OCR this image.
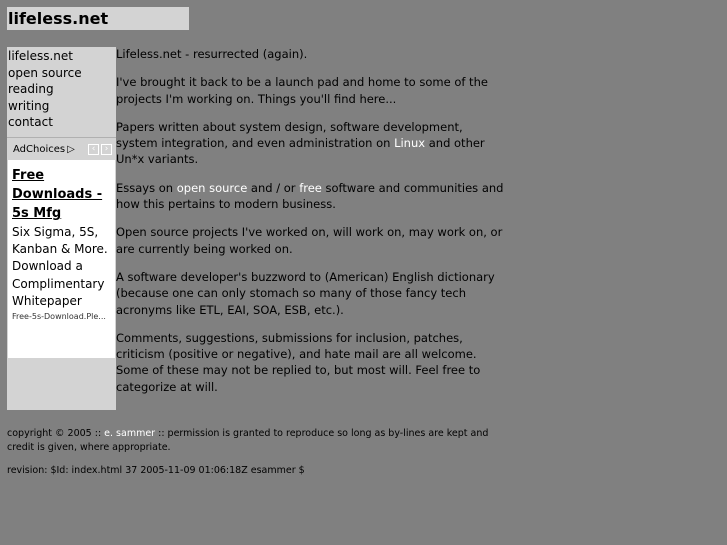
lifeless.net
lifeless.net
open source
reading
writing
contact
AdChoices ▷	‹	›
Free Downloads - 5s Mfg
Six Sigma, 5S, Kanban & More. Download a Complimentary Whitepaper
Free-5s-Download.Ple...

Lifeless.net - resurrected (again).

I've brought it back to be a launch pad and home to some of the projects I'm working on. Things you'll find here...

Papers written about system design, software development, system integration, and even administration on Linux and other Un*x variants.

Essays on open source and / or free software and communities and how this pertains to modern business.

Open source projects I've worked on, will work on, may work on, or are currently being worked on.

A software developer's buzzword to (American) English dictionary (because one can only stomach so many of those fancy tech acronyms like ETL, EAI, SOA, ESB, etc.).

Comments, suggestions, submissions for inclusion, patches, criticism (positive or negative), and hate mail are all welcome. Some of these may not be replied to, but most will. Feel free to categorize at will.

copyright © 2005 :: e. sammer :: permission is granted to reproduce so long as by-lines are kept and credit is given, where appropriate.
revision: $Id: index.html 37 2005-11-09 01:06:18Z esammer $
